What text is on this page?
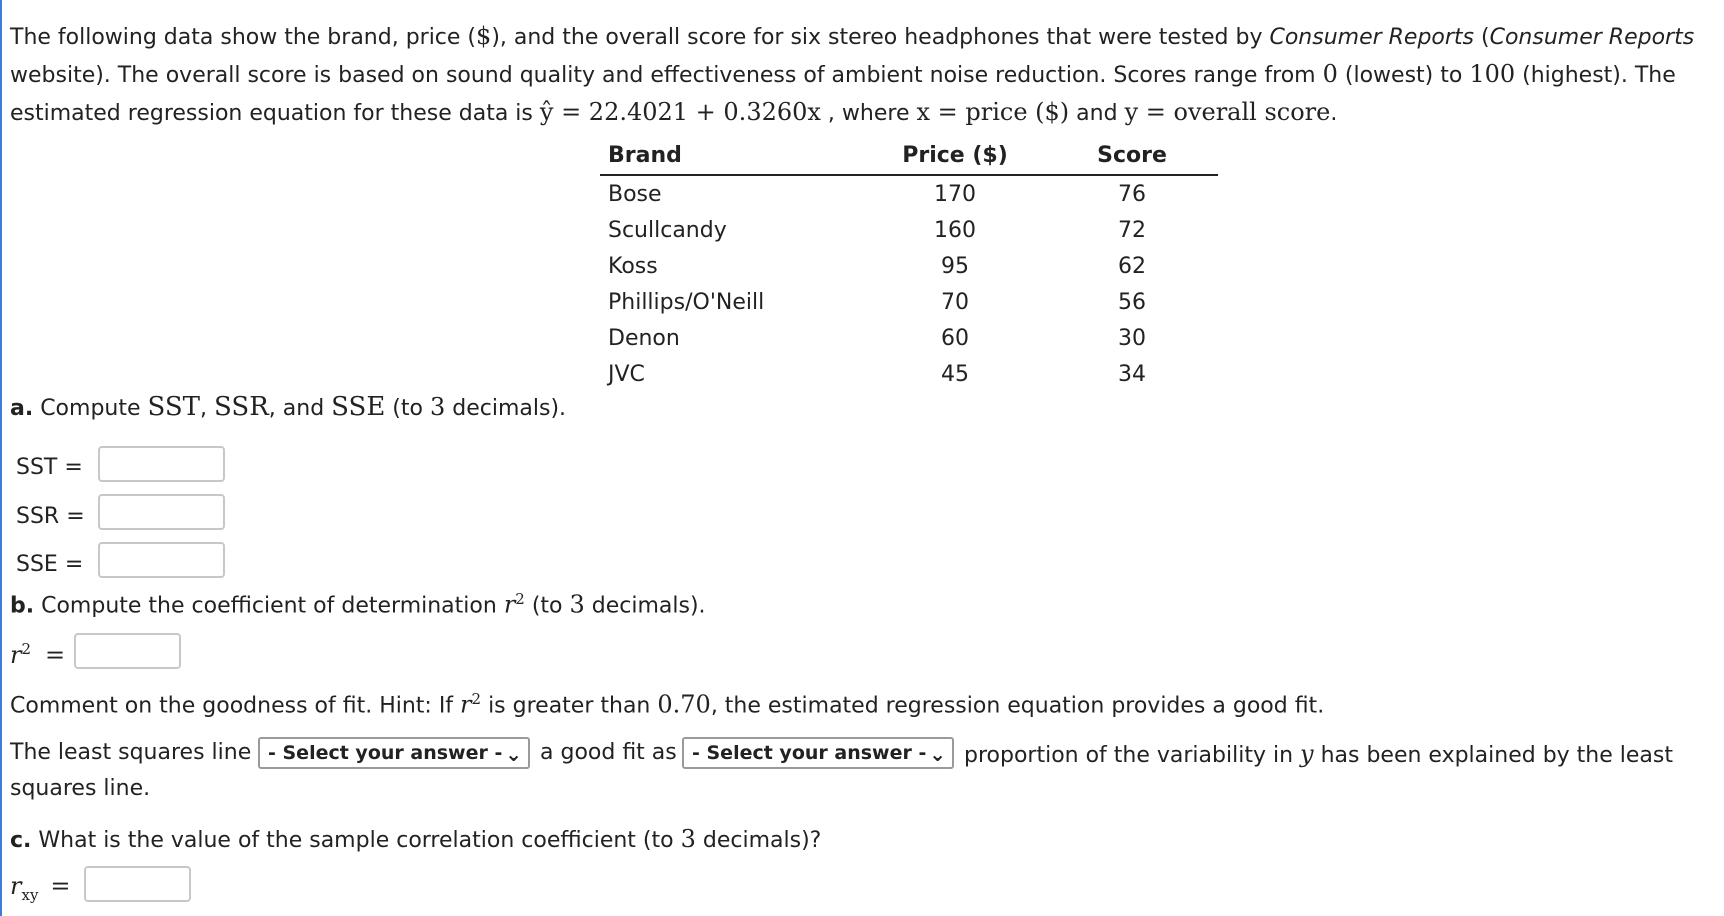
The following data show the brand, price ($), and the overall score for six stereo headphones that were tested by Consumer Reports (Consumer Reports website). The overall score is based on sound quality and effectiveness of ambient noise reduction. Scores range from 0 (lowest) to 100 (highest). The estimated regression equation for these data is ŷ = 22.4021 + 0.3260x , where x = price ($) and y = overall score.
Brand	Price ($)	Score
Bose	170	76
Scullcandy	160	72
Koss	95	62
Phillips/O'Neill	70	56
Denon	60	30
JVC	45	34
a. Compute SST, SSR, and SSE (to 3 decimals).
SST =
SSR =
SSE =
b. Compute the coefficient of determination $r^2$ (to 3 decimals).
$r^2$ =
Comment on the goodness of fit. Hint: If $r^2$ is greater than 0.70, the estimated regression equation provides a good fit.
The least squares line - Select your answer - ⌄ a good fit as - Select your answer - ⌄ proportion of the variability in y has been explained by the least
squares line.
c. What is the value of the sample correlation coefficient (to 3 decimals)?
$r_{xy}$ =
